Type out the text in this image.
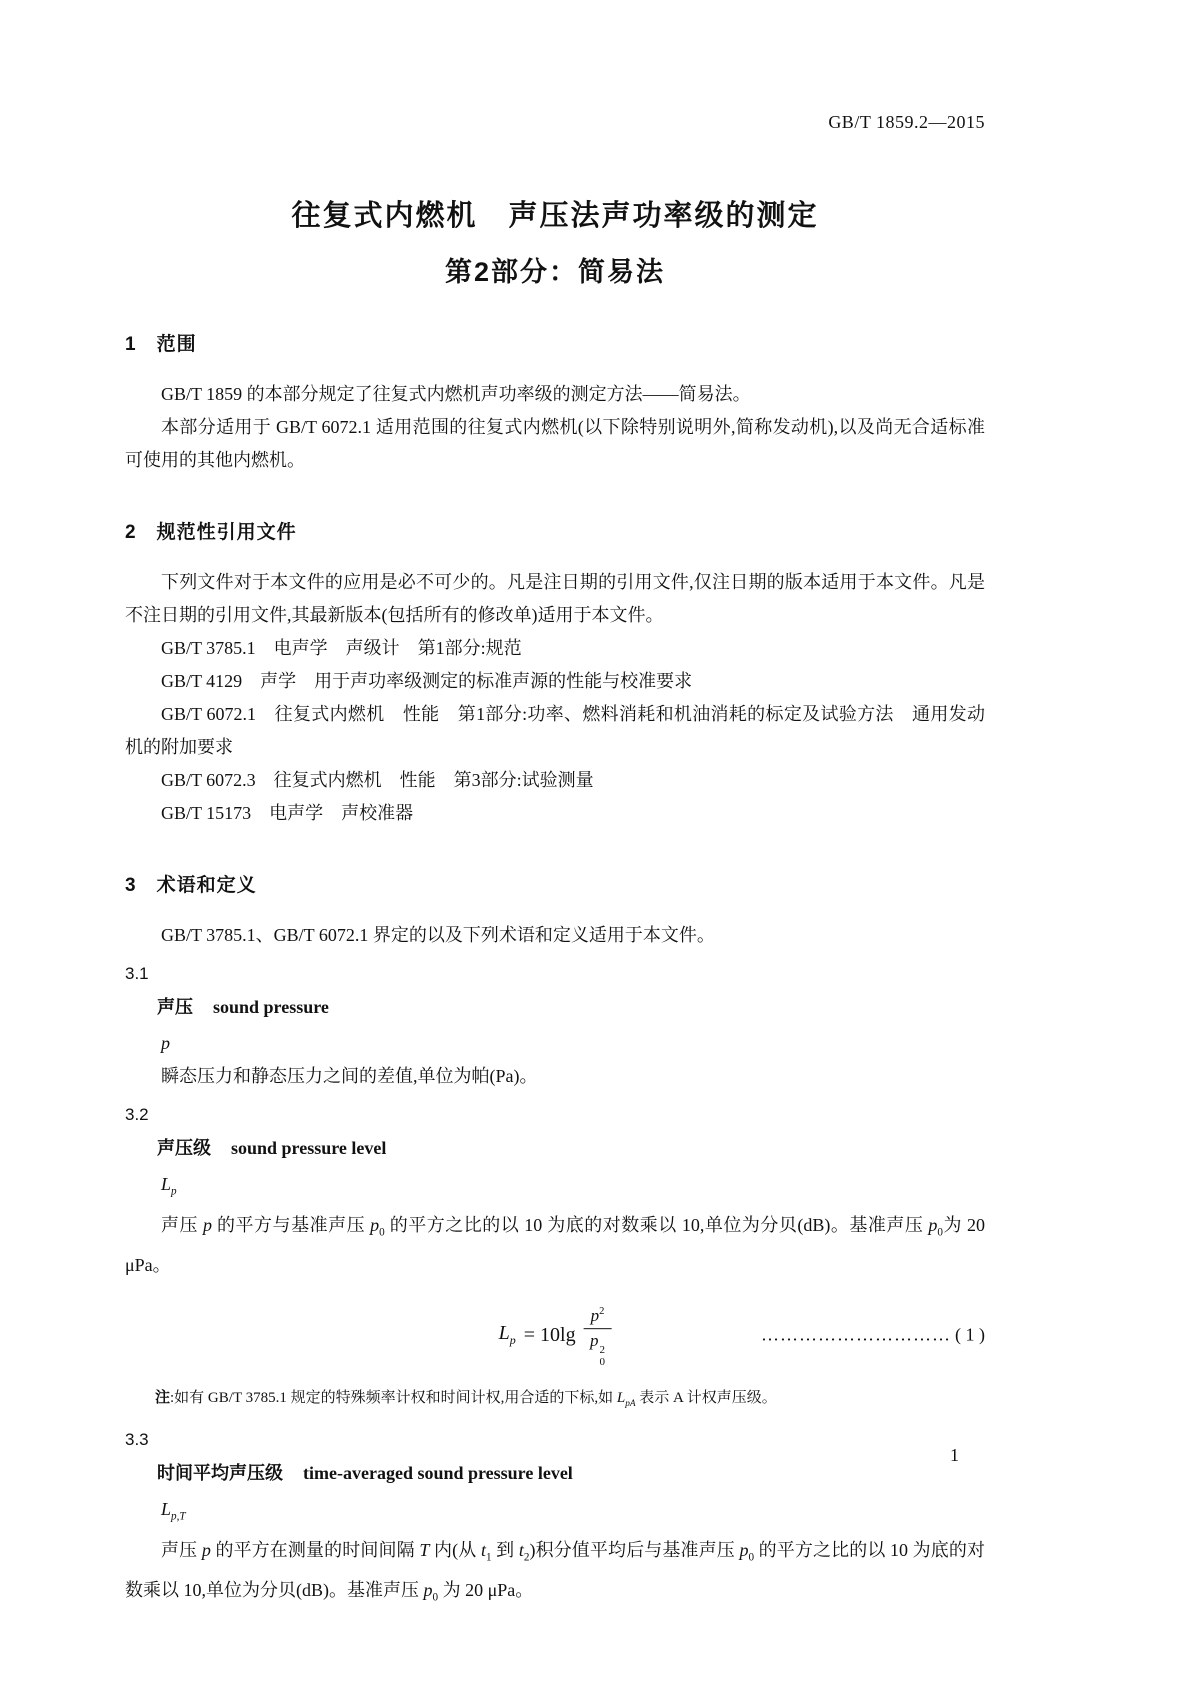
GB/T 1859.2—2015
往复式内燃机　声压法声功率级的测定
第2部分：简易法
1　范围

GB/T 1859 的本部分规定了往复式内燃机声功率级的测定方法——简易法。

本部分适用于 GB/T 6072.1 适用范围的往复式内燃机(以下除特别说明外,简称发动机),以及尚无合适标准可使用的其他内燃机。

2　规范性引用文件

下列文件对于本文件的应用是必不可少的。凡是注日期的引用文件,仅注日期的版本适用于本文件。凡是不注日期的引用文件,其最新版本(包括所有的修改单)适用于本文件。

GB/T 3785.1　电声学　声级计　第1部分:规范

GB/T 4129　声学　用于声功率级测定的标准声源的性能与校准要求

GB/T 6072.1　往复式内燃机　性能　第1部分:功率、燃料消耗和机油消耗的标定及试验方法　通用发动机的附加要求

GB/T 6072.3　往复式内燃机　性能　第3部分:试验测量

GB/T 15173　电声学　声校准器

3　术语和定义

GB/T 3785.1、GB/T 6072.1 界定的以及下列术语和定义适用于本文件。

3.1
声压 sound pressure
p

瞬态压力和静态压力之间的差值,单位为帕(Pa)。

3.2
声压级 sound pressure level
$L_p$

声压 p 的平方与基准声压 $p_0$ 的平方之比的以 10 为底的对数乘以 10,单位为分贝(dB)。基准声压 $p_0$为 20 μPa。

$L_p = 10\lg$ $p^2$
p 2
0	………………………… ( 1 )

注:如有 GB/T 3785.1 规定的特殊频率计权和时间计权,用合适的下标,如 $L_{pA}$ 表示 A 计权声压级。

3.3
时间平均声压级 time-averaged sound pressure level
$L_{p,T}$

声压 p 的平方在测量的时间间隔 T 内(从 $t_1$ 到 $t_2$)积分值平均后与基准声压 $p_0$ 的平方之比的以 10 为底的对数乘以 10,单位为分贝(dB)。基准声压 $p_0$ 为 20 μPa。

1
